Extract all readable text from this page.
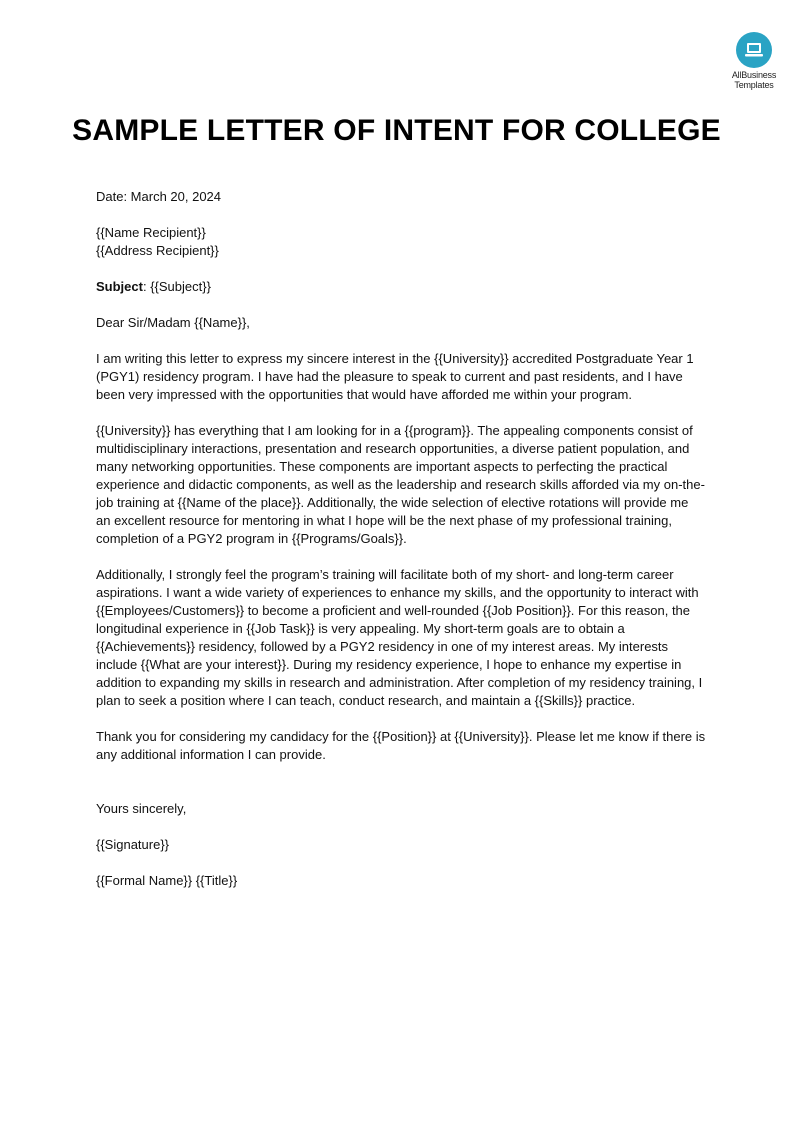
AllBusiness
Templates
SAMPLE LETTER OF INTENT FOR COLLEGE

Date: March 20, 2024

{{Name Recipient}}
{{Address Recipient}}

Subject: {{Subject}}

Dear Sir/Madam {{Name}},

I am writing this letter to express my sincere interest in the {{University}} accredited Postgraduate Year 1 (PGY1) residency program. I have had the pleasure to speak to current and past residents, and I have been very impressed with the opportunities that would have afforded me within your program.

{{University}} has everything that I am looking for in a {{program}}. The appealing components consist of multidisciplinary interactions, presentation and research opportunities, a diverse patient population, and many networking opportunities. These components are important aspects to perfecting the practical experience and didactic components, as well as the leadership and research skills afforded via my on-the-job training at {{Name of the place}}. Additionally, the wide selection of elective rotations will provide me an excellent resource for mentoring in what I hope will be the next phase of my professional training, completion of a PGY2 program in {{Programs/Goals}}.

Additionally, I strongly feel the program’s training will facilitate both of my short- and long-term career aspirations. I want a wide variety of experiences to enhance my skills, and the opportunity to interact with {{Employees/Customers}} to become a proficient and well-rounded {{Job Position}}. For this reason, the longitudinal experience in {{Job Task}} is very appealing. My short-term goals are to obtain a {{Achievements}} residency, followed by a PGY2 residency in one of my interest areas. My interests include {{What are your interest}}. During my residency experience, I hope to enhance my expertise in addition to expanding my skills in research and administration. After completion of my residency training, I plan to seek a position where I can teach, conduct research, and maintain a {{Skills}} practice.

Thank you for considering my candidacy for the {{Position}} at {{University}}. Please let me know if there is any additional information I can provide.

Yours sincerely,

{{Signature}}

{{Formal Name}} {{Title}}
